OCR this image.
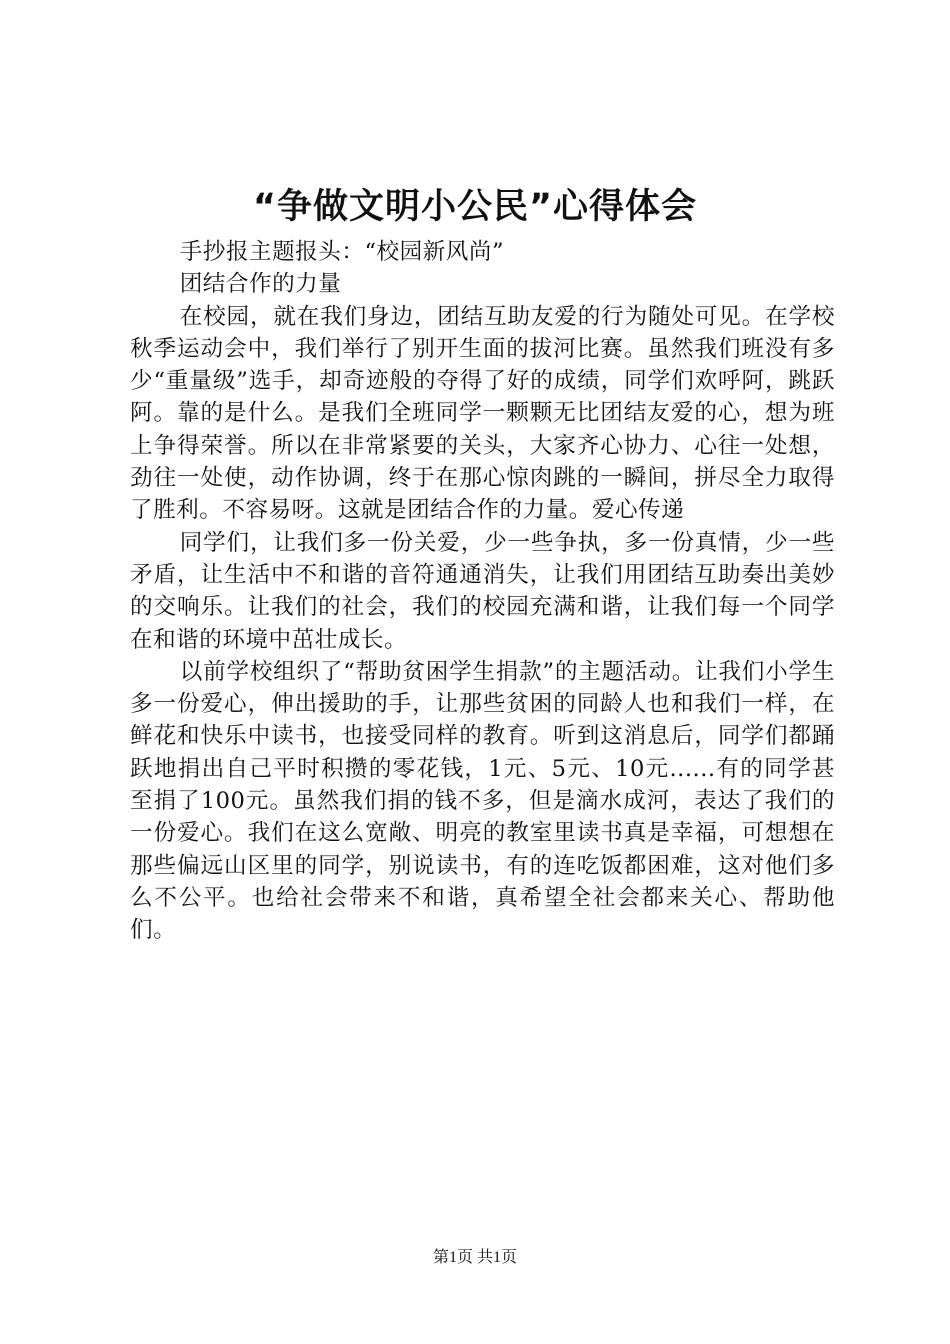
“争做文明小公民”心得体会

手抄报主题报头：“校园新风尚”

团结合作的力量

在校园，就在我们身边，团结互助友爱的行为随处可见。在学校秋季运动会中，我们举行了别开生面的拔河比赛。虽然我们班没有多少“重量级”选手，却奇迹般的夺得了好的成绩，同学们欢呼阿，跳跃阿。靠的是什么。是我们全班同学一颗颗无比团结友爱的心，想为班上争得荣誉。所以在非常紧要的关头，大家齐心协力、心往一处想，劲往一处使，动作协调，终于在那心惊肉跳的一瞬间，拼尽全力取得了胜利。不容易呀。这就是团结合作的力量。爱心传递

同学们，让我们多一份关爱，少一些争执，多一份真情，少一些矛盾，让生活中不和谐的音符通通消失，让我们用团结互助奏出美妙的交响乐。让我们的社会，我们的校园充满和谐，让我们每一个同学在和谐的环境中茁壮成长。

以前学校组织了“帮助贫困学生捐款”的主题活动。让我们小学生多一份爱心，伸出援助的手，让那些贫困的同龄人也和我们一样，在鲜花和快乐中读书，也接受同样的教育。听到这消息后，同学们都踊跃地捐出自己平时积攒的零花钱，1元、5元、10元......有的同学甚至捐了100元。虽然我们捐的钱不多，但是滴水成河，表达了我们的一份爱心。我们在这么宽敞、明亮的教室里读书真是幸福，可想想在那些偏远山区里的同学，别说读书，有的连吃饭都困难，这对他们多么不公平。也给社会带来不和谐，真希望全社会都来关心、帮助他们。

第1页 共1页
